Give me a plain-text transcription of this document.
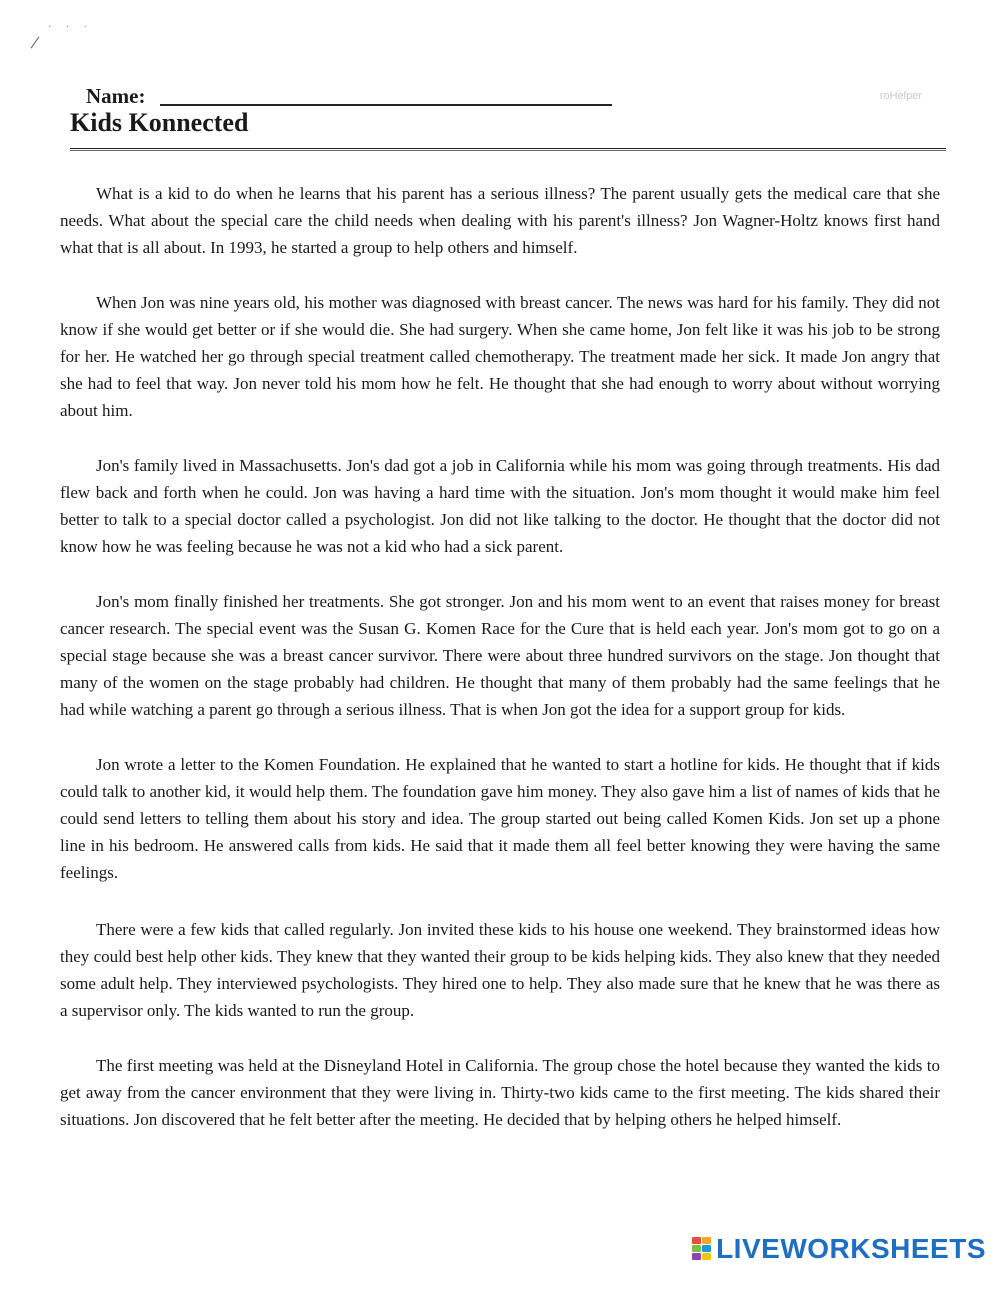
· · ·
Name:	roHelper
Kids Konnected

What is a kid to do when he learns that his parent has a serious illness? The parent usually gets the medical care that she needs. What about the special care the child needs when dealing with his parent's illness? Jon Wagner-Holtz knows first hand what that is all about. In 1993, he started a group to help others and himself.

When Jon was nine years old, his mother was diagnosed with breast cancer. The news was hard for his family. They did not know if she would get better or if she would die. She had surgery. When she came home, Jon felt like it was his job to be strong for her. He watched her go through special treatment called chemotherapy. The treatment made her sick. It made Jon angry that she had to feel that way. Jon never told his mom how he felt. He thought that she had enough to worry about without worrying about him.

Jon's family lived in Massachusetts. Jon's dad got a job in California while his mom was going through treatments. His dad flew back and forth when he could. Jon was having a hard time with the situation. Jon's mom thought it would make him feel better to talk to a special doctor called a psychologist. Jon did not like talking to the doctor. He thought that the doctor did not know how he was feeling because he was not a kid who had a sick parent.

Jon's mom finally finished her treatments. She got stronger. Jon and his mom went to an event that raises money for breast cancer research. The special event was the Susan G. Komen Race for the Cure that is held each year. Jon's mom got to go on a special stage because she was a breast cancer survivor. There were about three hundred survivors on the stage. Jon thought that many of the women on the stage probably had children. He thought that many of them probably had the same feelings that he had while watching a parent go through a serious illness. That is when Jon got the idea for a support group for kids.

Jon wrote a letter to the Komen Foundation. He explained that he wanted to start a hotline for kids. He thought that if kids could talk to another kid, it would help them. The foundation gave him money. They also gave him a list of names of kids that he could send letters to telling them about his story and idea. The group started out being called Komen Kids. Jon set up a phone line in his bedroom. He answered calls from kids. He said that it made them all feel better knowing they were having the same feelings.

There were a few kids that called regularly. Jon invited these kids to his house one weekend. They brainstormed ideas how they could best help other kids. They knew that they wanted their group to be kids helping kids. They also knew that they needed some adult help. They interviewed psychologists. They hired one to help. They also made sure that he knew that he was there as a supervisor only. The kids wanted to run the group.

The first meeting was held at the Disneyland Hotel in California. The group chose the hotel because they wanted the kids to get away from the cancer environment that they were living in. Thirty-two kids came to the first meeting. The kids shared their situations. Jon discovered that he felt better after the meeting. He decided that by helping others he helped himself.

LIVEWORKSHEETS
